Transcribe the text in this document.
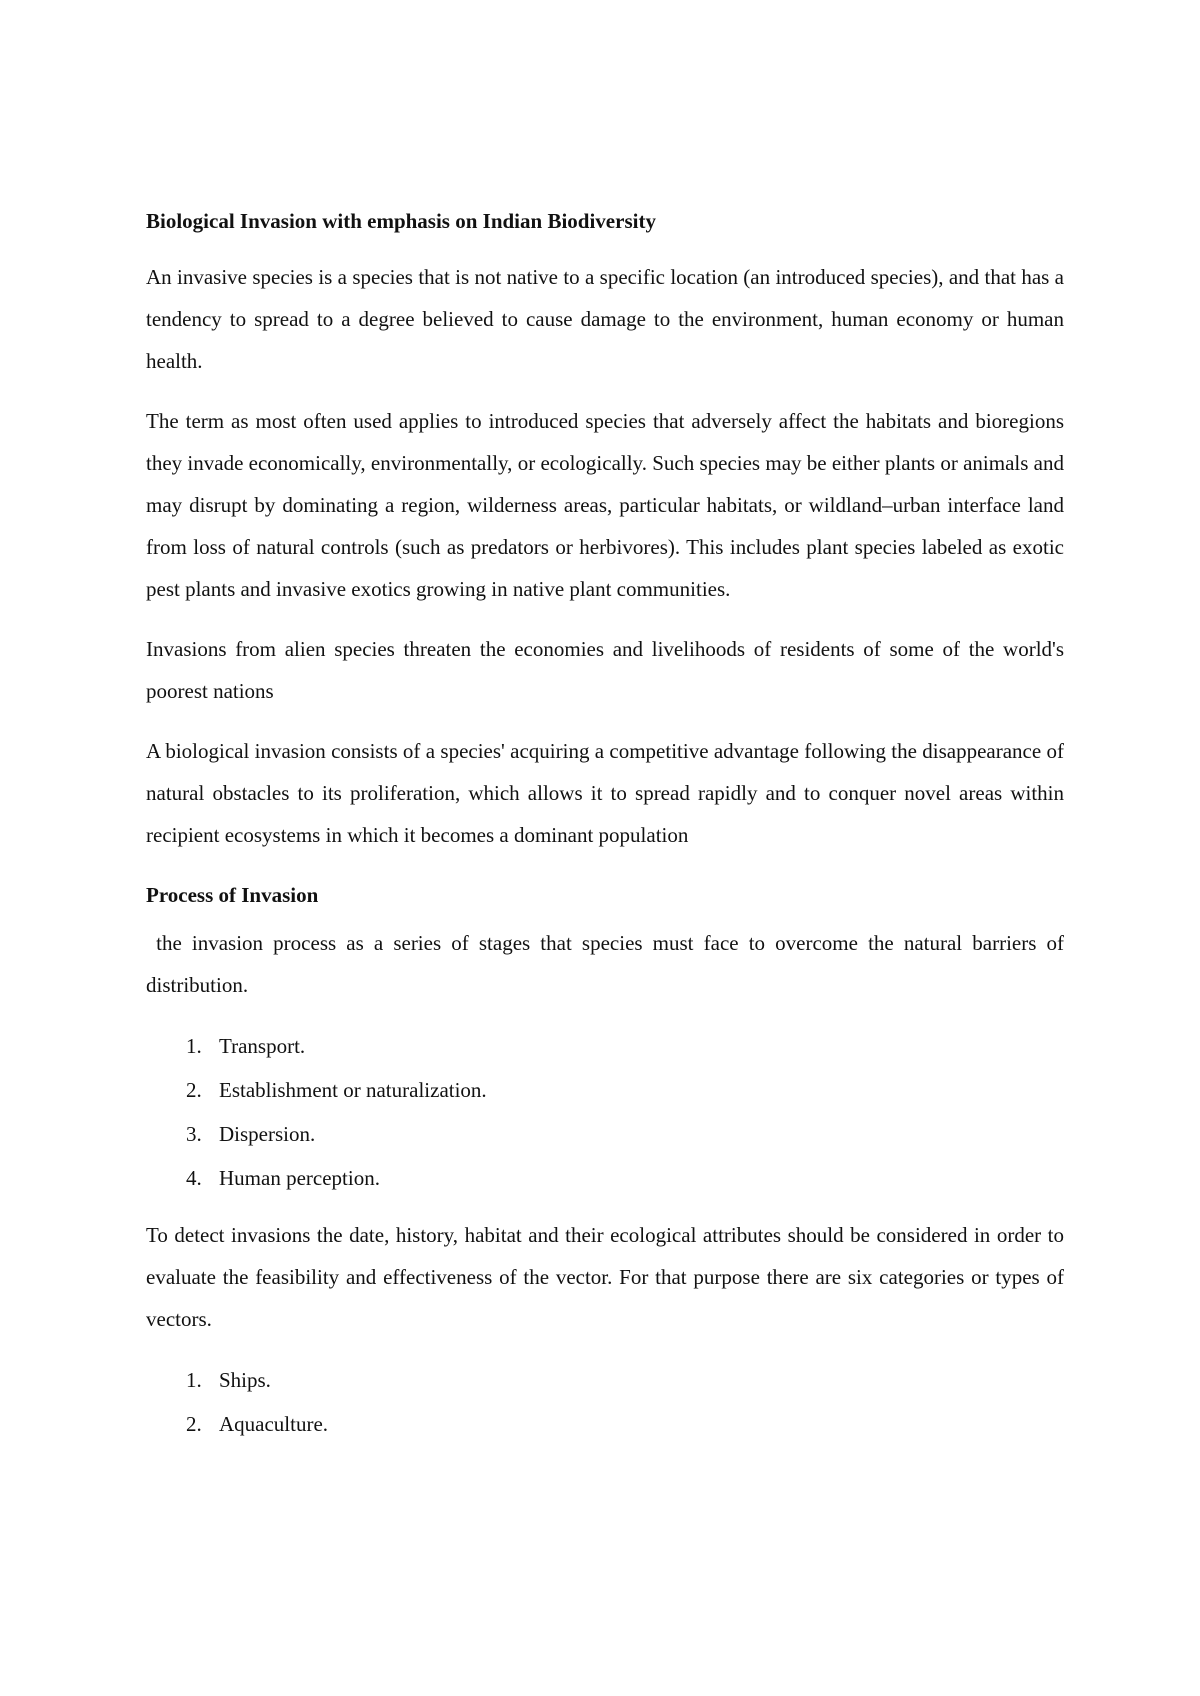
Biological Invasion with emphasis on Indian Biodiversity

An invasive species is a species that is not native to a specific location (an introduced species), and that has a tendency to spread to a degree believed to cause damage to the environment, human economy or human health.

The term as most often used applies to introduced species that adversely affect the habitats and bioregions they invade economically, environmentally, or ecologically. Such species may be either plants or animals and may disrupt by dominating a region, wilderness areas, particular habitats, or wildland–urban interface land from loss of natural controls (such as predators or herbivores). This includes plant species labeled as exotic pest plants and invasive exotics growing in native plant communities.

Invasions from alien species threaten the economies and livelihoods of residents of some of the world's poorest nations

A biological invasion consists of a species' acquiring a competitive advantage following the disappearance of natural obstacles to its proliferation, which allows it to spread rapidly and to conquer novel areas within recipient ecosystems in which it becomes a dominant population

Process of Invasion

the invasion process as a series of stages that species must face to overcome the natural barriers of distribution.

1. Transport.
2. Establishment or naturalization.
3. Dispersion.
4. Human perception.

To detect invasions the date, history, habitat and their ecological attributes should be considered in order to evaluate the feasibility and effectiveness of the vector. For that purpose there are six categories or types of vectors.

1. Ships.
2. Aquaculture.
